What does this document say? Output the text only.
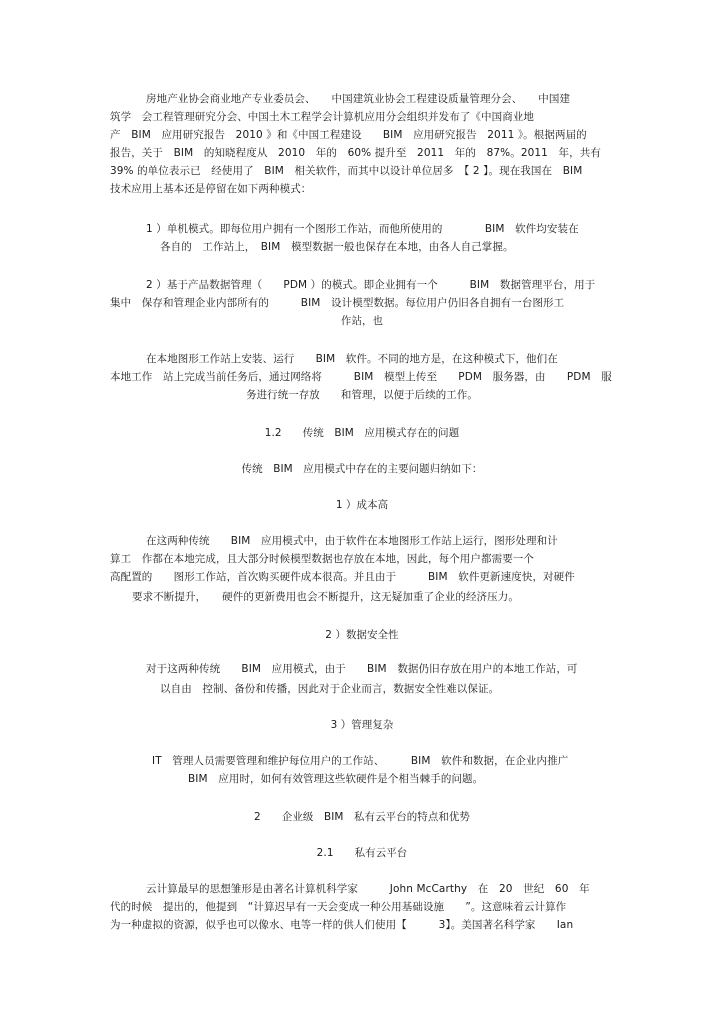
房地产业协会商业地产专业委员会、　　中国建筑业协会工程建设质量管理分会、　　中国建
筑学　会工程管理研究分会、中国土木工程学会计算机应用分会组织并发布了《中国商业地
产　BIM　应用研究报告　2010 》和《中国工程建设　　BIM　应用研究报告　2011 》。根据两届的
报告，关于　BIM　的知晓程度从　2010　年的　60% 提升至　2011　年的　87%。2011　年，共有
39% 的单位表示已　经使用了　BIM　相关软件，而其中以设计单位居多　【 2 】。现在我国在　BIM
技术应用上基本还是停留在如下两种模式：
1 ）单机模式。即每位用户拥有一个图形工作站，而他所使用的　　　　BIM　软件均安装在
各自的　工作站上，　BIM　模型数据一般也保存在本地，由各人自己掌握。
2 ）基于产品数据管理（　　PDM ）的模式。即企业拥有一个　　　BIM　数据管理平台，用于
集中　保存和管理企业内部所有的　　　BIM　设计模型数据。每位用户仍旧各自拥有一台图形工
作站，也
在本地图形工作站上安装、运行　　BIM　软件。不同的地方是，在这种模式下，他们在
本地工作　站上完成当前任务后，通过网络将　　　BIM　模型上传至　　PDM　服务器，由　　PDM　服
务进行统一存放　　和管理，以便于后续的工作。
1.2　　传统　BIM　应用模式存在的问题
传统　BIM　应用模式中存在的主要问题归纳如下：
1 ）成本高
在这两种传统　　BIM　应用模式中，由于软件在本地图形工作站上运行，图形处理和计
算工　作都在本地完成，且大部分时候模型数据也存放在本地，因此，每个用户都需要一个
高配置的　　图形工作站，首次购买硬件成本很高。并且由于　　　BIM　软件更新速度快，对硬件
要求不断提升，　　硬件的更新费用也会不断提升，这无疑加重了企业的经济压力。
2 ）数据安全性
对于这两种传统　　BIM　应用模式，由于　　BIM　数据仍旧存放在用户的本地工作站，可
以自由　控制、备份和传播，因此对于企业而言，数据安全性难以保证。
3 ）管理复杂
IT　管理人员需要管理和维护每位用户的工作站、　　　BIM　软件和数据，在企业内推广
BIM　应用时，如何有效管理这些软硬件是个相当棘手的问题。
2　　企业级　BIM　私有云平台的特点和优势
2.1　　私有云平台
云计算最早的思想雏形是由著名计算机科学家　　　John McCarthy　在　20　世纪　60　年
代的时候　提出的，他提到　“计算迟早有一天会变成一种公用基础设施　　”。这意味着云计算作
为一种虚拟的资源，似乎也可以像水、电等一样的供人们使用【　　　3】。美国著名科学家　　Ian
